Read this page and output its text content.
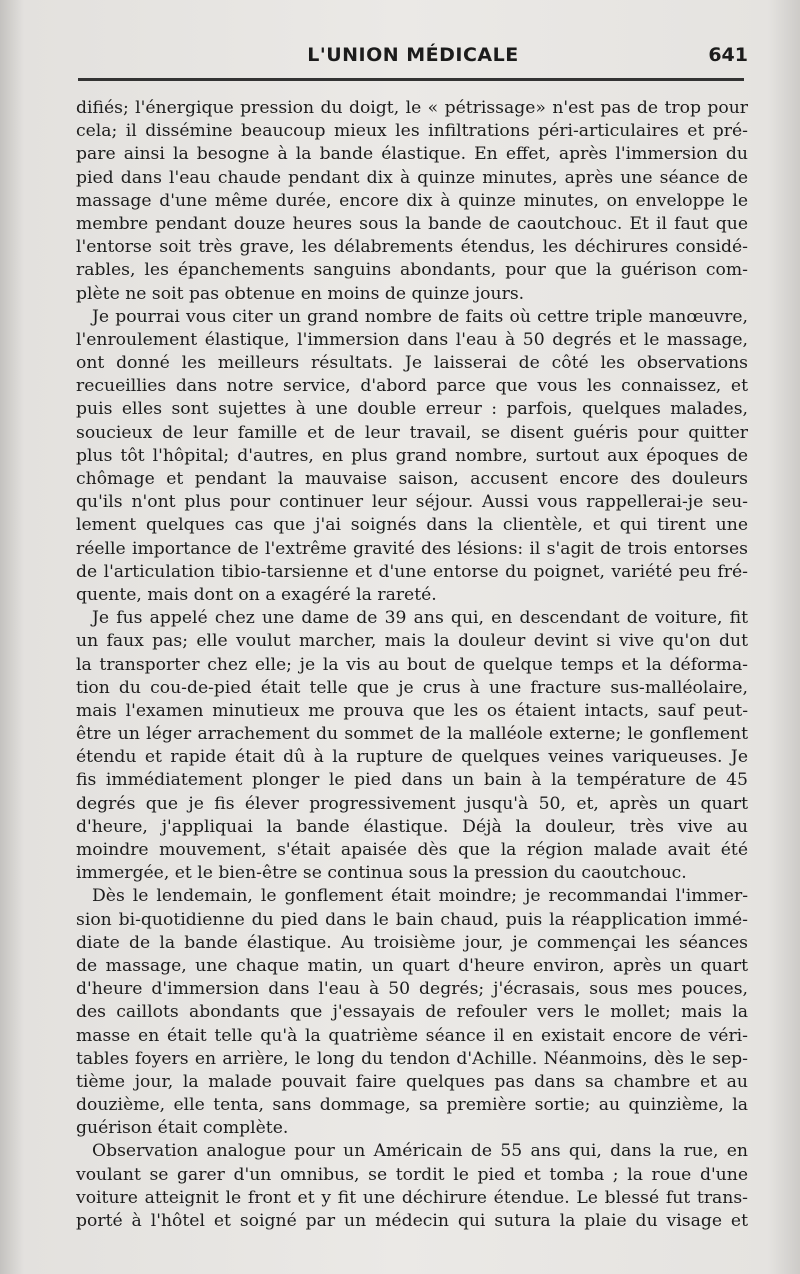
L'UNION MÉDICALE	641
difiés; l'énergique pression du doigt, le « pétrissage» n'est pas de trop pour
cela; il dissémine beaucoup mieux les infiltrations péri-articulaires et pré-
pare ainsi la besogne à la bande élastique. En effet, après l'immersion du
pied dans l'eau chaude pendant dix à quinze minutes, après une séance de
massage d'une même durée, encore dix à quinze minutes, on enveloppe le
membre pendant douze heures sous la bande de caoutchouc. Et il faut que
l'entorse soit très grave, les délabrements étendus, les déchirures considé-
rables, les épanchements sanguins abondants, pour que la guérison com-
plète ne soit pas obtenue en moins de quinze jours.
Je pourrai vous citer un grand nombre de faits où cettre triple manœuvre,
l'enroulement élastique, l'immersion dans l'eau à 50 degrés et le massage,
ont donné les meilleurs résultats. Je laisserai de côté les observations
recueillies dans notre service, d'abord parce que vous les connaissez, et
puis elles sont sujettes à une double erreur : parfois, quelques malades,
soucieux de leur famille et de leur travail, se disent guéris pour quitter
plus tôt l'hôpital; d'autres, en plus grand nombre, surtout aux époques de
chômage et pendant la mauvaise saison, accusent encore des douleurs
qu'ils n'ont plus pour continuer leur séjour. Aussi vous rappellerai-je seu-
lement quelques cas que j'ai soignés dans la clientèle, et qui tirent une
réelle importance de l'extrême gravité des lésions: il s'agit de trois entorses
de l'articulation tibio-tarsienne et d'une entorse du poignet, variété peu fré-
quente, mais dont on a exagéré la rareté.
Je fus appelé chez une dame de 39 ans qui, en descendant de voiture, fit
un faux pas; elle voulut marcher, mais la douleur devint si vive qu'on dut
la transporter chez elle; je la vis au bout de quelque temps et la déforma-
tion du cou-de-pied était telle que je crus à une fracture sus-malléolaire,
mais l'examen minutieux me prouva que les os étaient intacts, sauf peut-
être un léger arrachement du sommet de la malléole externe; le gonflement
étendu et rapide était dû à la rupture de quelques veines variqueuses. Je
fis immédiatement plonger le pied dans un bain à la température de 45
degrés que je fis élever progressivement jusqu'à 50, et, après un quart
d'heure, j'appliquai la bande élastique. Déjà la douleur, très vive au
moindre mouvement, s'était apaisée dès que la région malade avait été
immergée, et le bien-être se continua sous la pression du caoutchouc.
Dès le lendemain, le gonflement était moindre; je recommandai l'immer-
sion bi-quotidienne du pied dans le bain chaud, puis la réapplication immé-
diate de la bande élastique. Au troisième jour, je commençai les séances
de massage, une chaque matin, un quart d'heure environ, après un quart
d'heure d'immersion dans l'eau à 50 degrés; j'écrasais, sous mes pouces,
des caillots abondants que j'essayais de refouler vers le mollet; mais la
masse en était telle qu'à la quatrième séance il en existait encore de véri-
tables foyers en arrière, le long du tendon d'Achille. Néanmoins, dès le sep-
tième jour, la malade pouvait faire quelques pas dans sa chambre et au
douzième, elle tenta, sans dommage, sa première sortie; au quinzième, la
guérison était complète.
Observation analogue pour un Américain de 55 ans qui, dans la rue, en
voulant se garer d'un omnibus, se tordit le pied et tomba ; la roue d'une
voiture atteignit le front et y fit une déchirure étendue. Le blessé fut trans-
porté à l'hôtel et soigné par un médecin qui sutura la plaie du visage et
